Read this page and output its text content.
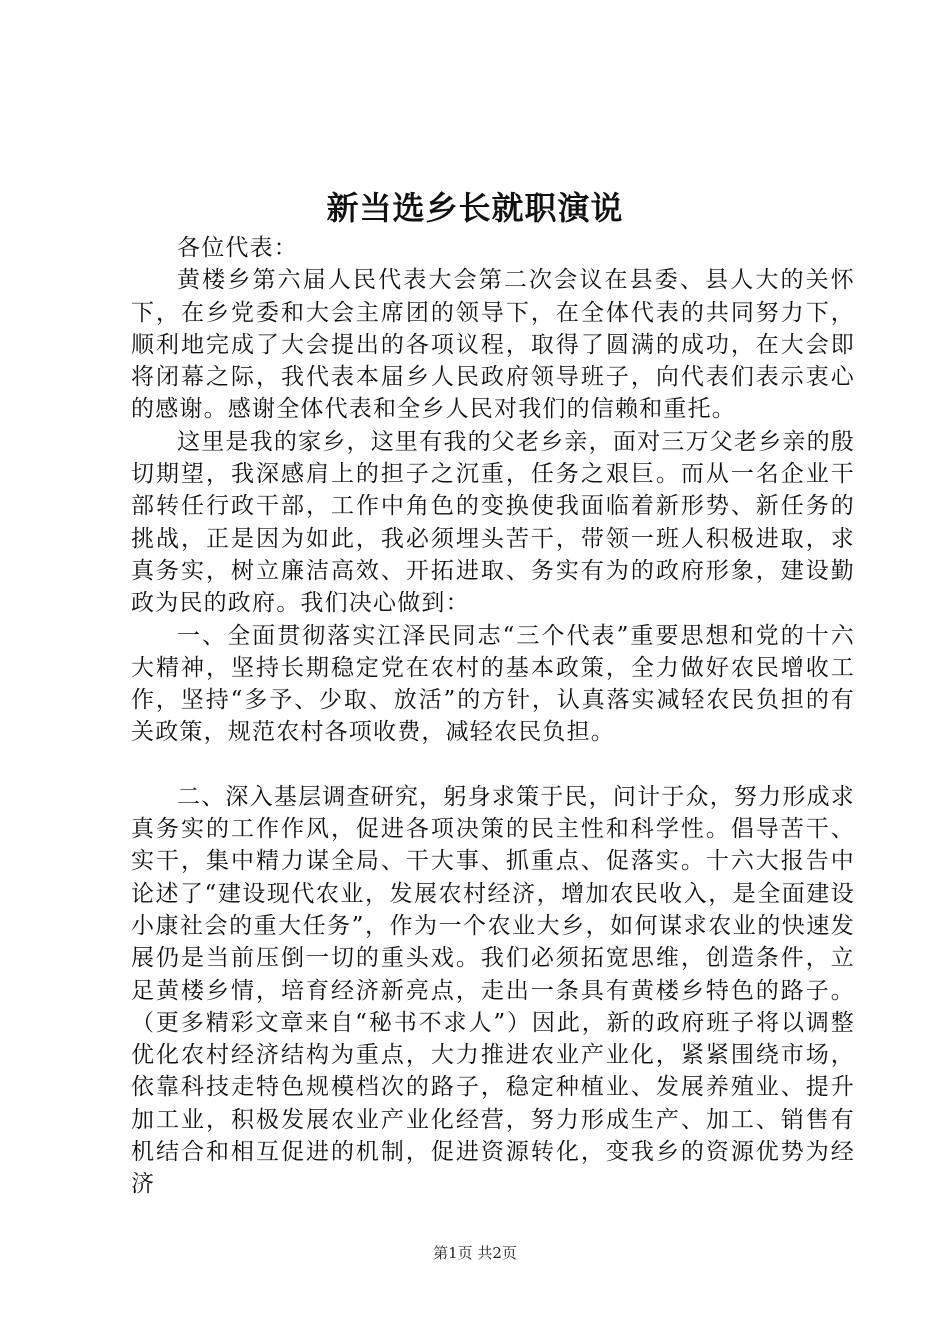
新当选乡长就职演说

各位代表：

黄楼乡第六届人民代表大会第二次会议在县委、县人大的关怀下，在乡党委和大会主席团的领导下，在全体代表的共同努力下，顺利地完成了大会提出的各项议程，取得了圆满的成功，在大会即将闭幕之际，我代表本届乡人民政府领导班子，向代表们表示衷心的感谢。感谢全体代表和全乡人民对我们的信赖和重托。

这里是我的家乡，这里有我的父老乡亲，面对三万父老乡亲的殷切期望，我深感肩上的担子之沉重，任务之艰巨。而从一名企业干部转任行政干部，工作中角色的变换使我面临着新形势、新任务的挑战，正是因为如此，我必须埋头苦干，带领一班人积极进取，求真务实，树立廉洁高效、开拓进取、务实有为的政府形象，建设勤政为民的政府。我们决心做到：

一、全面贯彻落实江泽民同志“三个代表”重要思想和党的十六大精神，坚持长期稳定党在农村的基本政策，全力做好农民增收工作，坚持“多予、少取、放活”的方针，认真落实减轻农民负担的有关政策，规范农村各项收费，减轻农民负担。

二、深入基层调查研究，躬身求策于民，问计于众，努力形成求真务实的工作作风，促进各项决策的民主性和科学性。倡导苦干、实干，集中精力谋全局、干大事、抓重点、促落实。十六大报告中论述了“建设现代农业，发展农村经济，增加农民收入，是全面建设小康社会的重大任务”，作为一个农业大乡，如何谋求农业的快速发展仍是当前压倒一切的重头戏。我们必须拓宽思维，创造条件，立足黄楼乡情，培育经济新亮点，走出一条具有黄楼乡特色的路子。（更多精彩文章来自“秘书不求人”）因此，新的政府班子将以调整优化农村经济结构为重点，大力推进农业产业化，紧紧围绕市场，依靠科技走特色规模档次的路子，稳定种植业、发展养殖业、提升加工业，积极发展农业产业化经营，努力形成生产、加工、销售有机结合和相互促进的机制，促进资源转化，变我乡的资源优势为经济

第1页 共2页
